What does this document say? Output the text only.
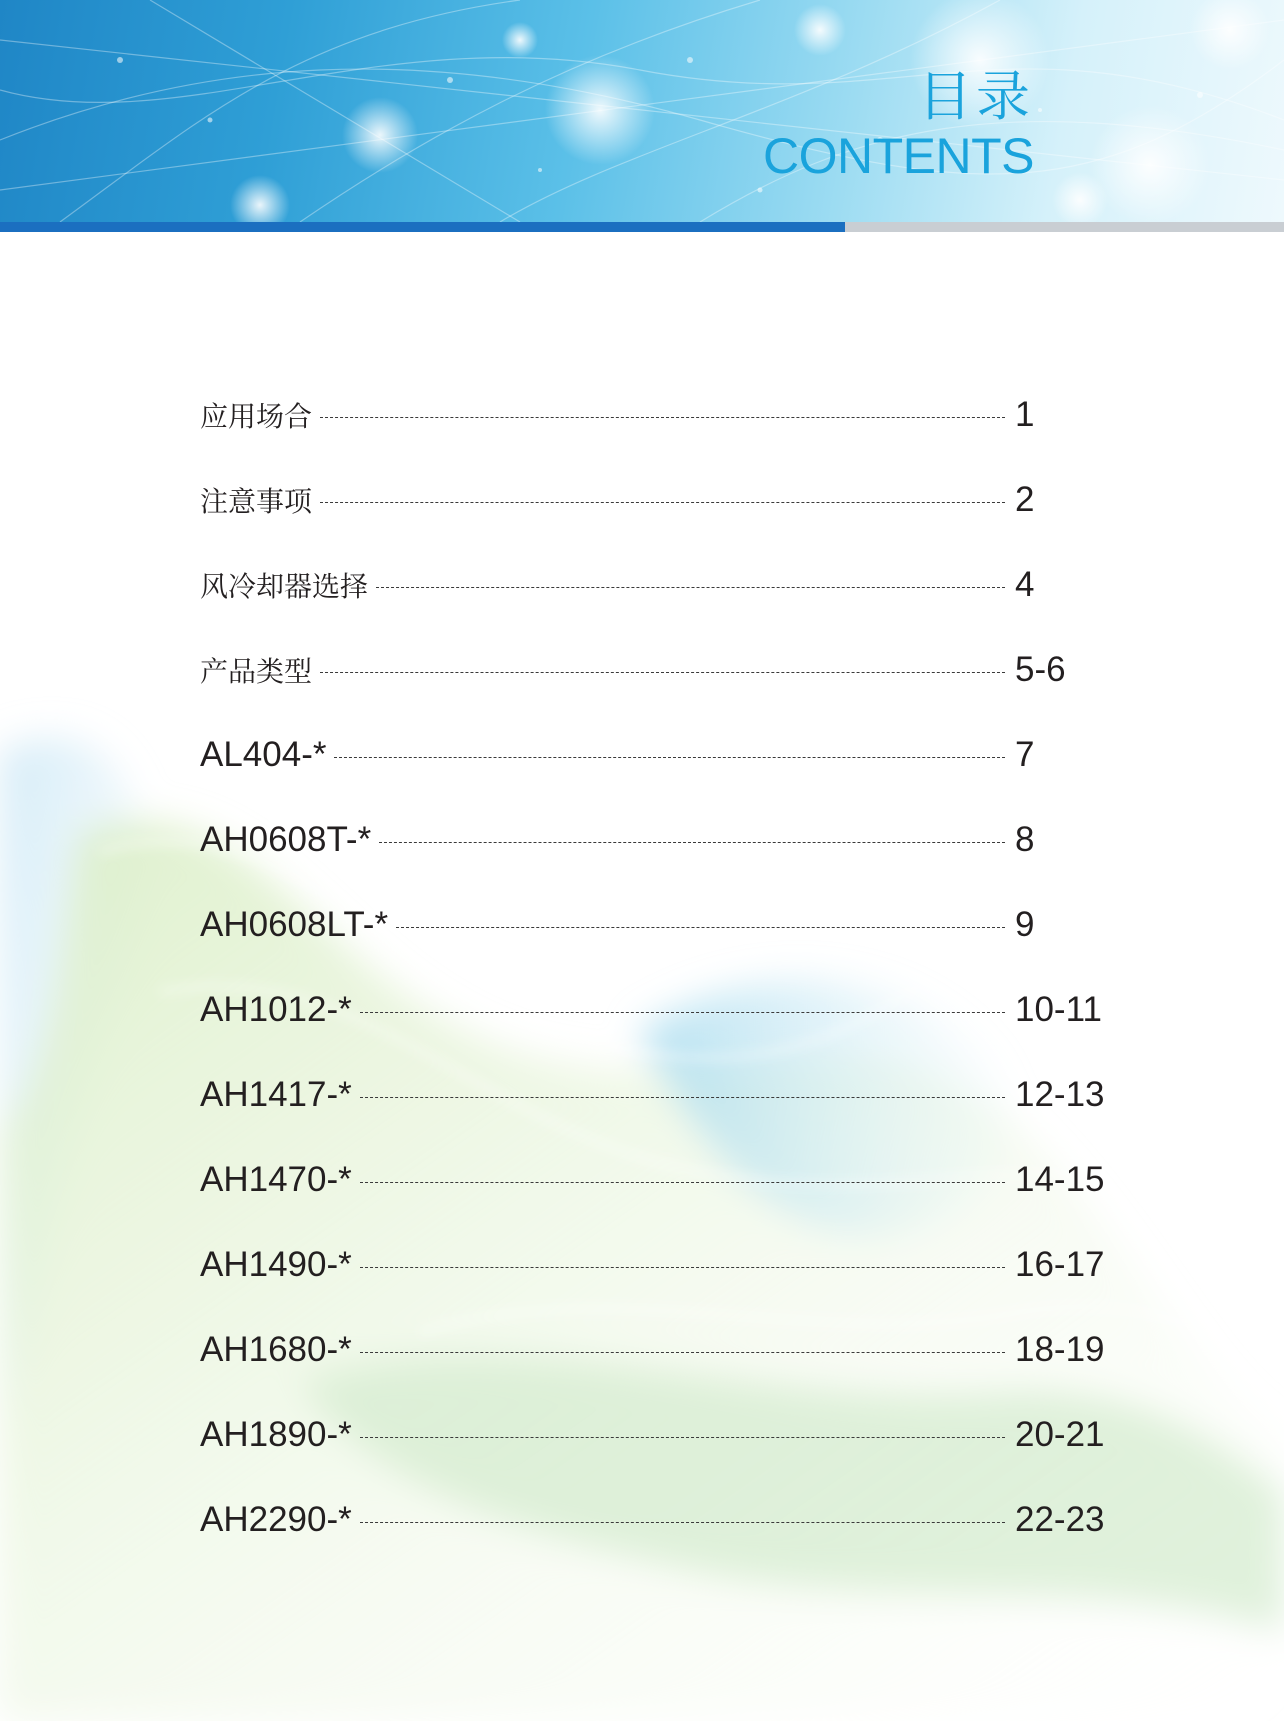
目录
CONTENTS
应用场合	1
注意事项	2
风冷却器选择	4
产品类型	5-6
AL404-*	7
AH0608T-*	8
AH0608LT-*	9
AH1012-*	10-11
AH1417-*	12-13
AH1470-*	14-15
AH1490-*	16-17
AH1680-*	18-19
AH1890-*	20-21
AH2290-*	22-23
